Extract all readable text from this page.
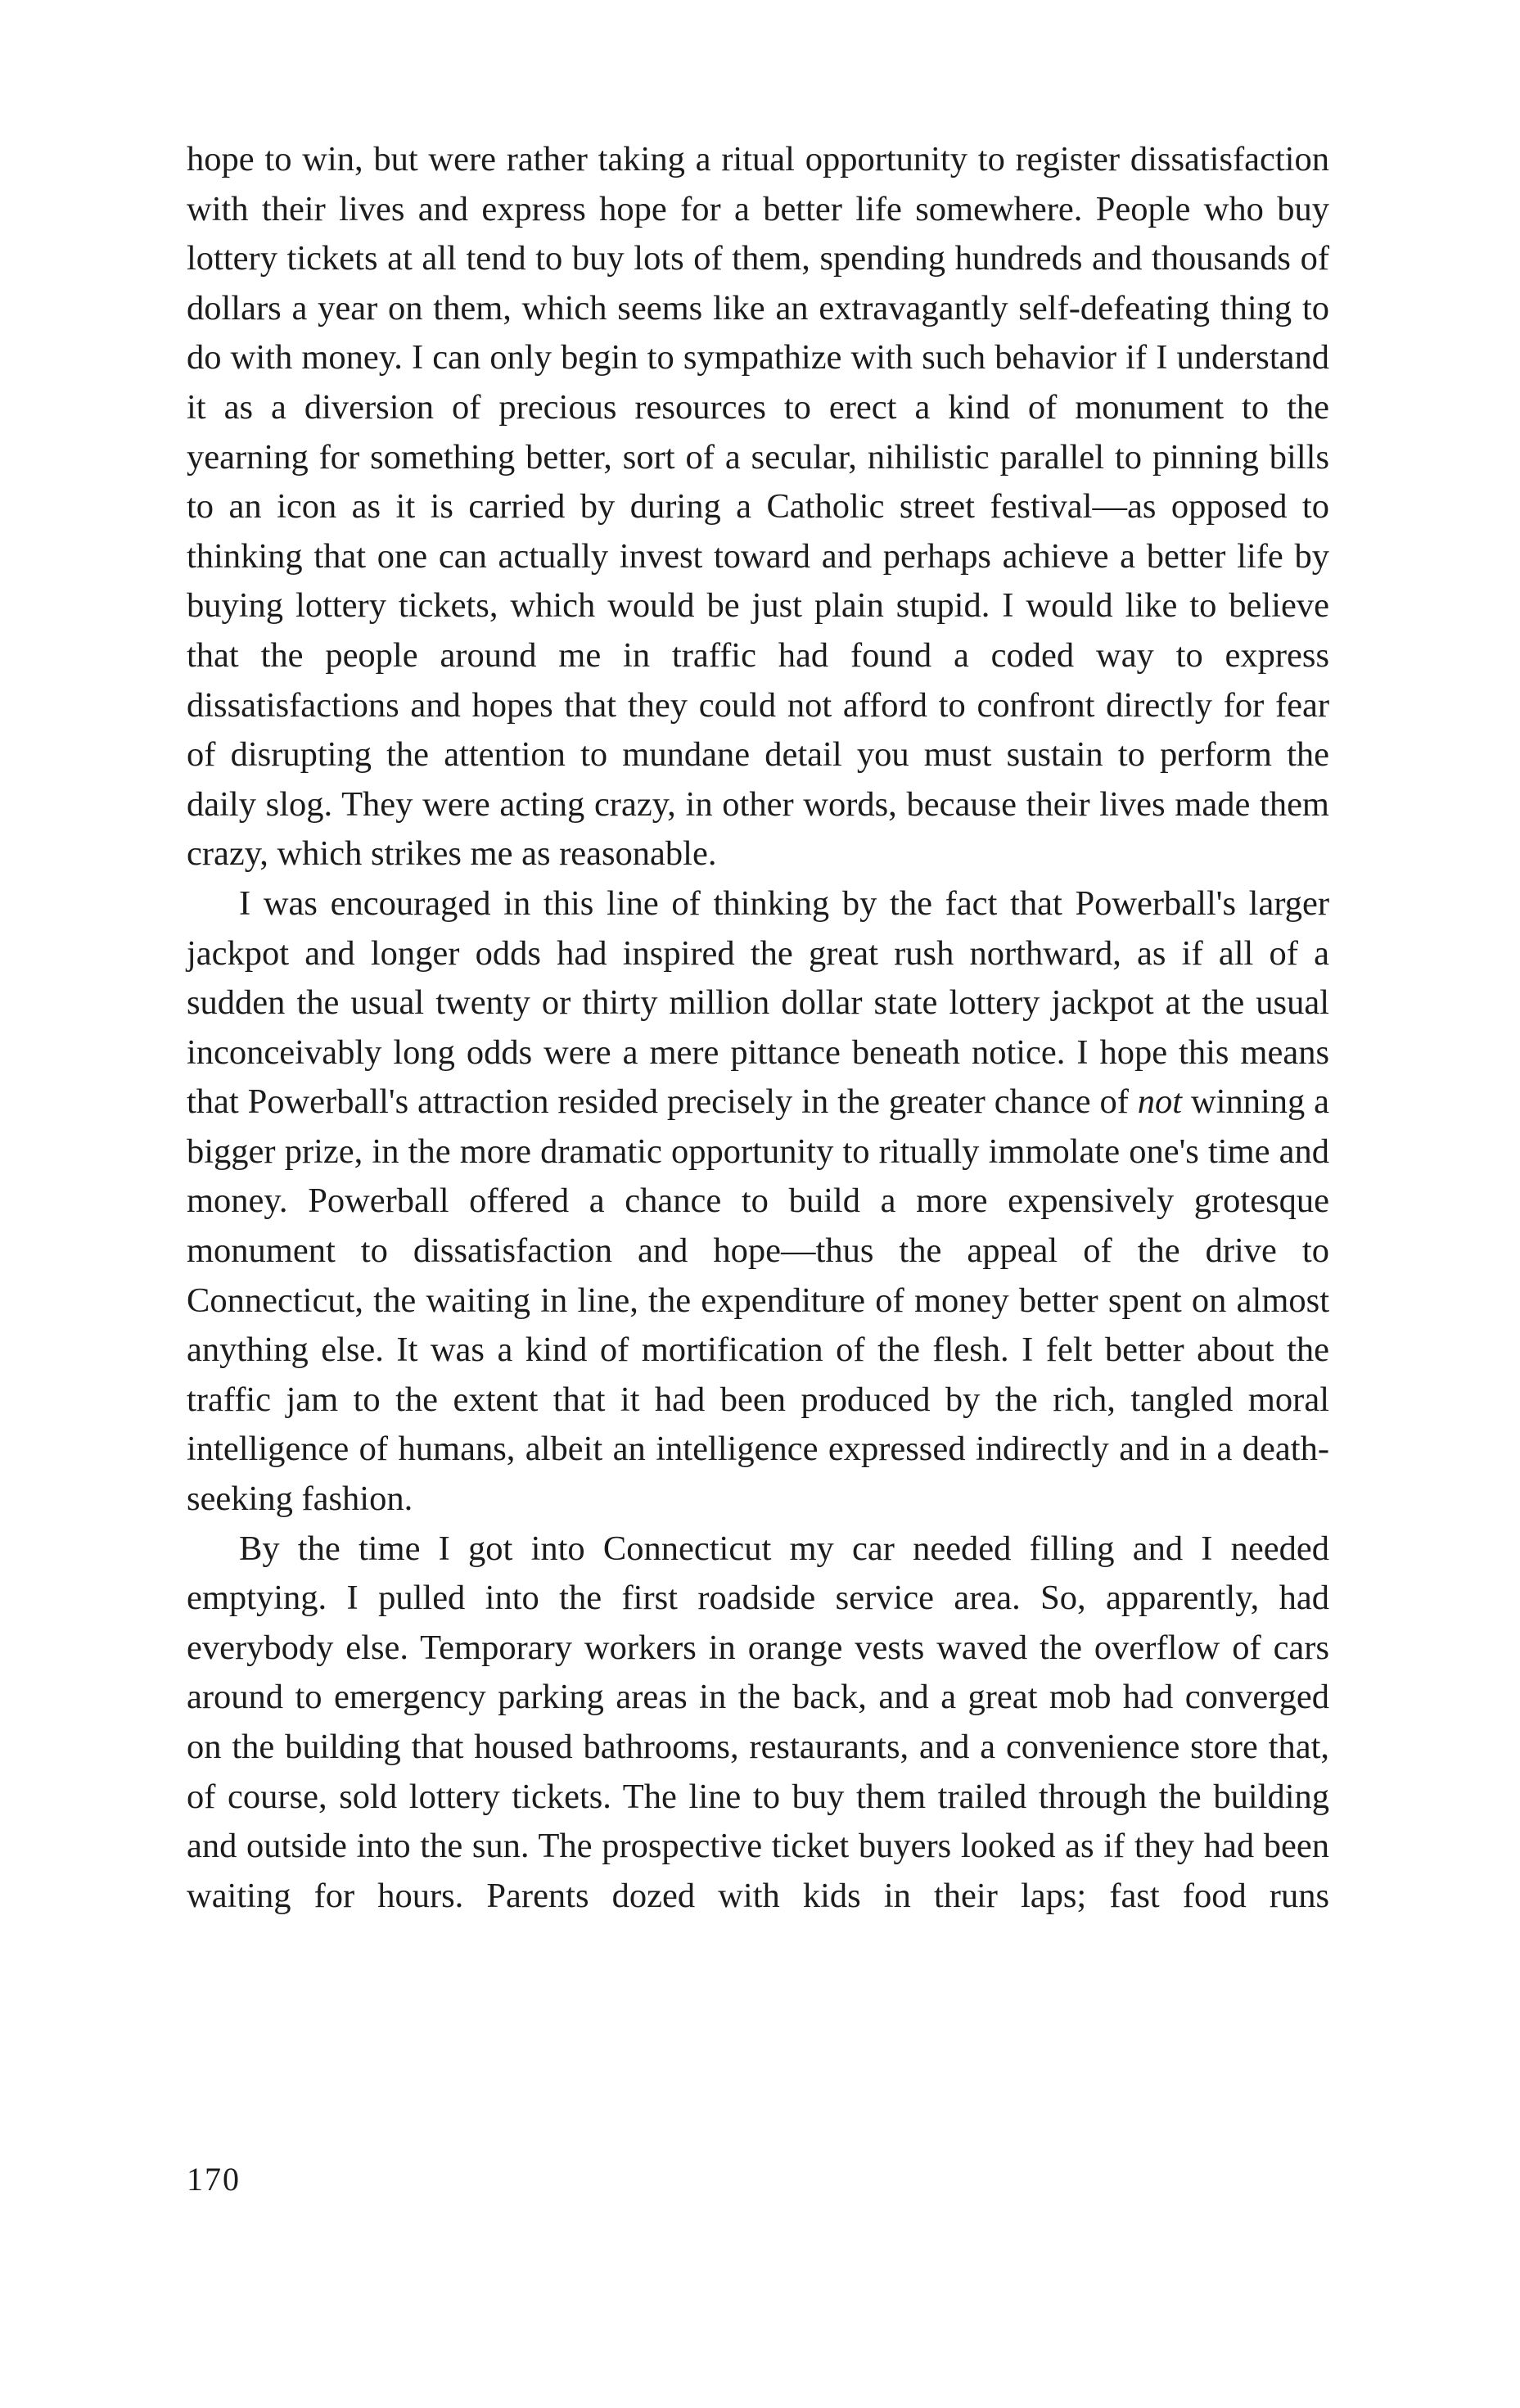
hope to win, but were rather taking a ritual opportunity to register dissatisfaction with their lives and express hope for a better life somewhere. People who buy lottery tickets at all tend to buy lots of them, spending hundreds and thousands of dollars a year on them, which seems like an extravagantly self-defeating thing to do with money. I can only begin to sympathize with such behavior if I understand it as a diversion of precious resources to erect a kind of monument to the yearning for something better, sort of a secular, nihilistic parallel to pinning bills to an icon as it is carried by during a Catholic street festival—as opposed to thinking that one can actually invest toward and perhaps achieve a better life by buying lottery tickets, which would be just plain stupid. I would like to believe that the people around me in traffic had found a coded way to express dissatisfactions and hopes that they could not afford to confront directly for fear of disrupting the attention to mundane detail you must sustain to perform the daily slog. They were acting crazy, in other words, because their lives made them crazy, which strikes me as reasonable.

I was encouraged in this line of thinking by the fact that Powerball's larger jackpot and longer odds had inspired the great rush northward, as if all of a sudden the usual twenty or thirty million dollar state lottery jackpot at the usual inconceivably long odds were a mere pittance beneath notice. I hope this means that Powerball's attraction resided precisely in the greater chance of not winning a bigger prize, in the more dramatic opportunity to ritually immolate one's time and money. Powerball offered a chance to build a more expensively grotesque monument to dissatisfaction and hope—thus the appeal of the drive to Connecticut, the waiting in line, the expenditure of money better spent on almost anything else. It was a kind of mortification of the flesh. I felt better about the traffic jam to the extent that it had been produced by the rich, tangled moral intelligence of humans, albeit an intelligence expressed indirectly and in a death-seeking fashion.

By the time I got into Connecticut my car needed filling and I needed emptying. I pulled into the first roadside service area. So, apparently, had everybody else. Temporary workers in orange vests waved the overflow of cars around to emergency parking areas in the back, and a great mob had converged on the building that housed bathrooms, restaurants, and a convenience store that, of course, sold lottery tickets. The line to buy them trailed through the building and outside into the sun. The prospective ticket buyers looked as if they had been waiting for hours. Parents dozed with kids in their laps; fast food runs

170
